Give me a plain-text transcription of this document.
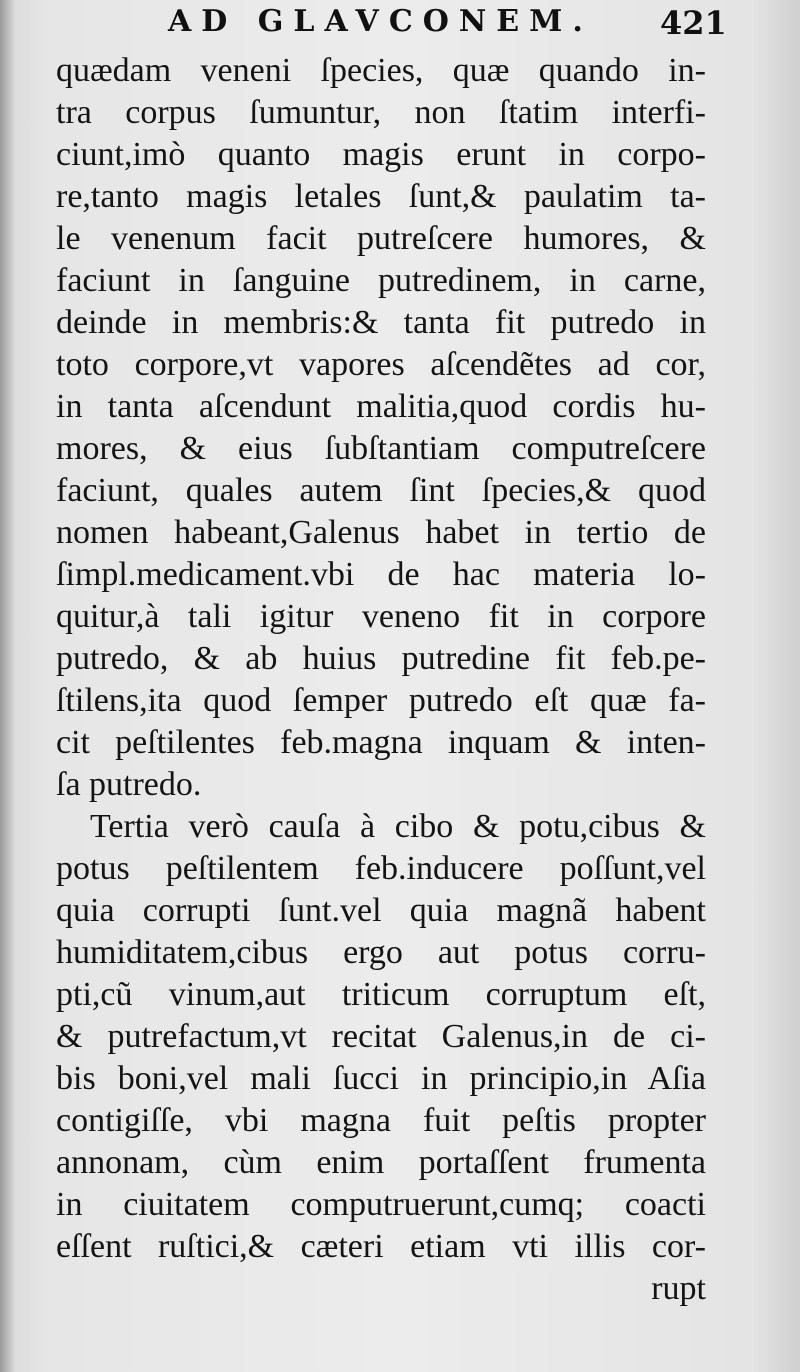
AD GLAVCONEM. 421
quædam veneni ſpecies, quæ quando in-
tra corpus ſumuntur, non ſtatim interfi-
ciunt,imò quanto magis erunt in corpo-
re,tanto magis letales ſunt,& paulatim ta-
le venenum facit putreſcere humores, &
faciunt in ſanguine putredinem, in carne,
deinde in membris:& tanta fit putredo in
toto corpore,vt vapores aſcendẽtes ad cor,
in tanta aſcendunt malitia,quod cordis hu-
mores, & eius ſubſtantiam computreſcere
faciunt, quales autem ſint ſpecies,& quod
nomen habeant,Galenus habet in tertio de
ſimpl.medicament.vbi de hac materia lo-
quitur,à tali igitur veneno fit in corpore
putredo, & ab huius putredine fit feb.pe-
ſtilens,ita quod ſemper putredo eſt quæ fa-
cit peſtilentes feb.magna inquam & inten-
ſa putredo.
Tertia verò cauſa à cibo & potu,cibus &
potus peſtilentem feb.inducere poſſunt,vel
quia corrupti ſunt.vel quia magnã habent
humiditatem,cibus ergo aut potus corru-
pti,cũ vinum,aut triticum corruptum eſt,
& putrefactum,vt recitat Galenus,in de ci-
bis boni,vel mali ſucci in principio,in Aſia
contigiſſe, vbi magna fuit peſtis propter
annonam, cùm enim portaſſent frumenta
in ciuitatem computruerunt,cumq; coacti
eſſent ruſtici,& cæteri etiam vti illis cor-
rupt
